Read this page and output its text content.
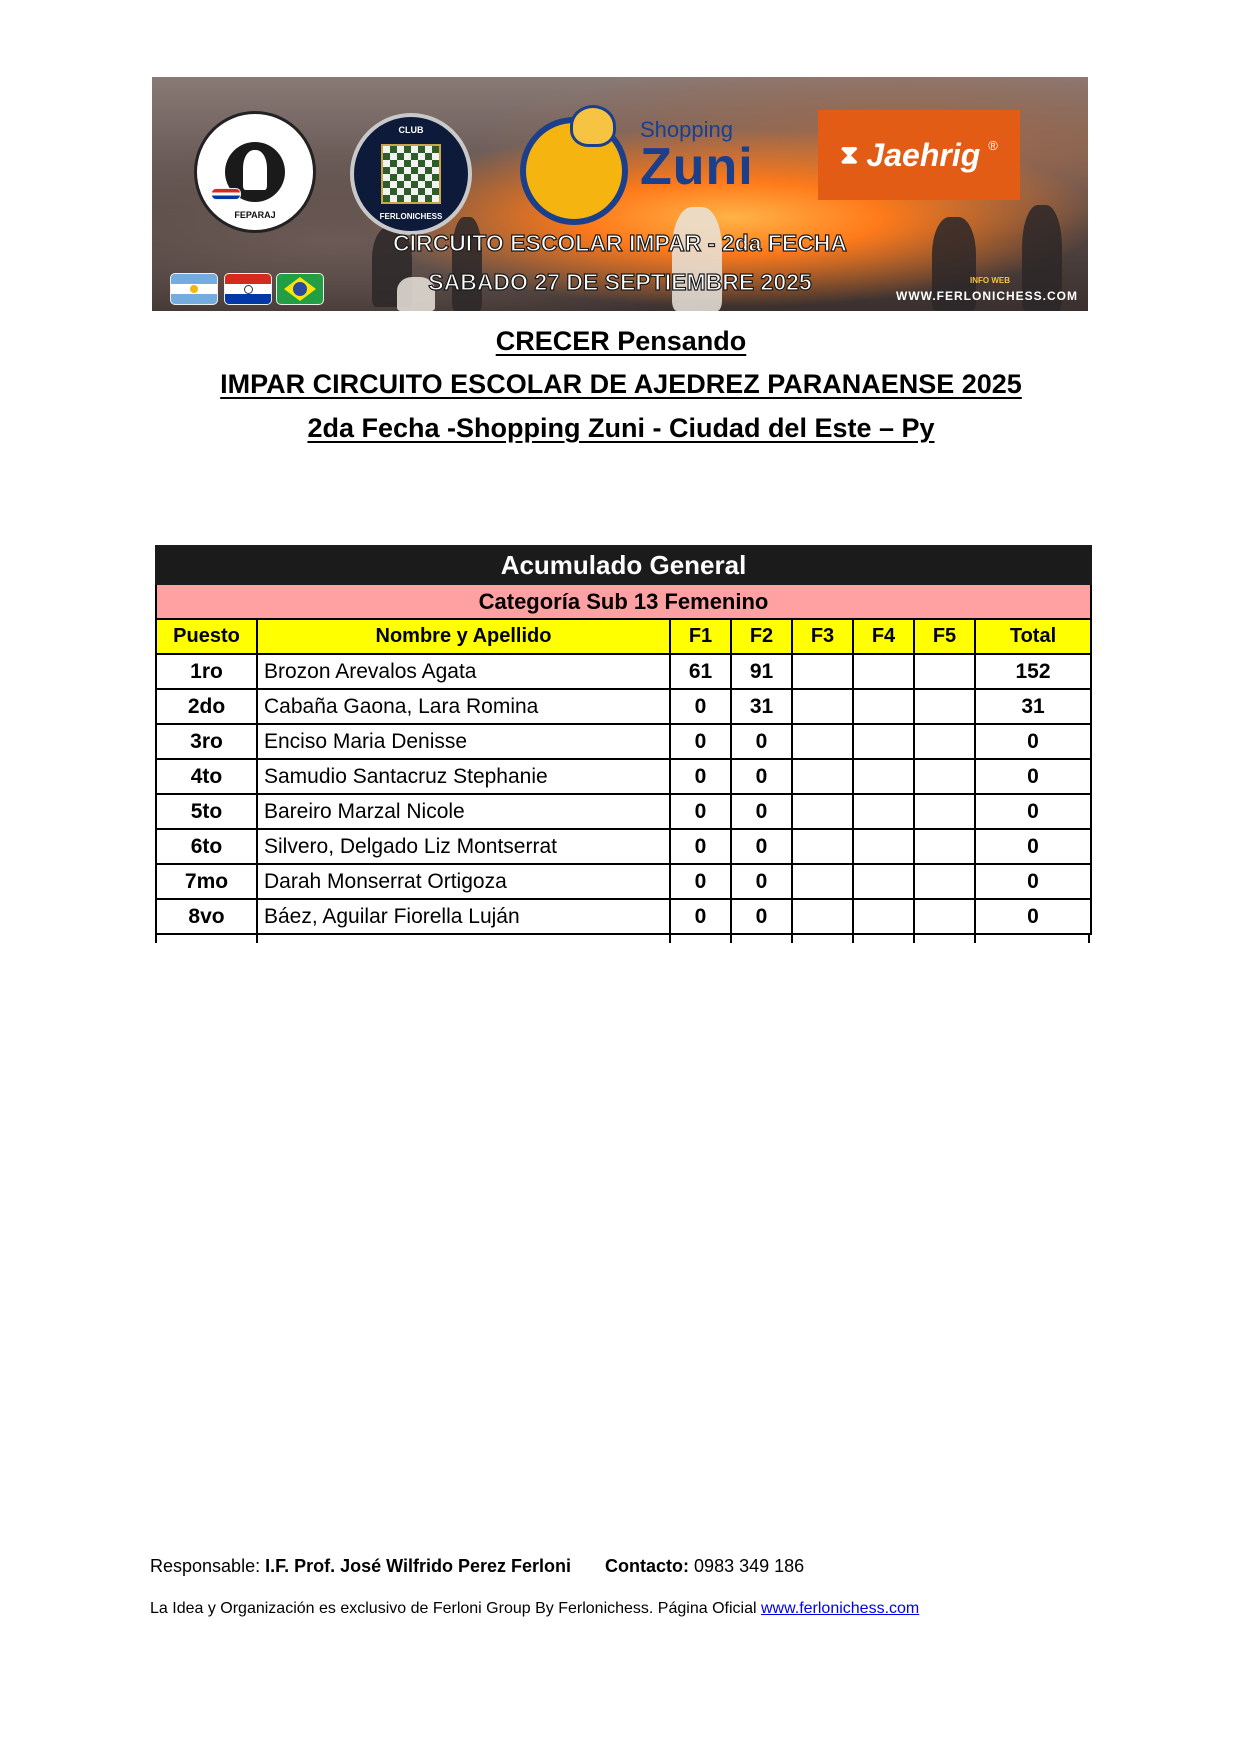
FEPARAJ
CLUB
FERLONICHESS
Shopping
Zuni	⧗ Jaehrig ®
CIRCUITO ESCOLAR IMPAR - 2da FECHA
SABADO 27 DE SEPTIEMBRE 2025	INFO WEB
WWW.FERLONICHESS.COM
CRECER Pensando
IMPAR CIRCUITO ESCOLAR DE AJEDREZ PARANAENSE 2025
2da Fecha -Shopping Zuni - Ciudad del Este – Py
Acumulado General							
Categoría Sub 13 Femenino							
Puesto	Nombre y Apellido	F1	F2	F3	F4	F5	Total
1ro	Brozon Arevalos Agata	61	91				152
2do	Cabaña Gaona, Lara Romina	0	31				31
3ro	Enciso Maria Denisse	0	0				0
4to	Samudio Santacruz Stephanie	0	0				0
5to	Bareiro Marzal Nicole	0	0				0
6to	Silvero, Delgado Liz Montserrat	0	0				0
7mo	Darah Monserrat Ortigoza	0	0				0
8vo	Báez, Aguilar Fiorella Luján	0	0				0
Responsable: I.F. Prof. José Wilfrido Perez Ferloni Contacto: 0983 349 186
La Idea y Organización es exclusivo de Ferloni Group By Ferlonichess. Página Oficial www.ferlonichess.com
